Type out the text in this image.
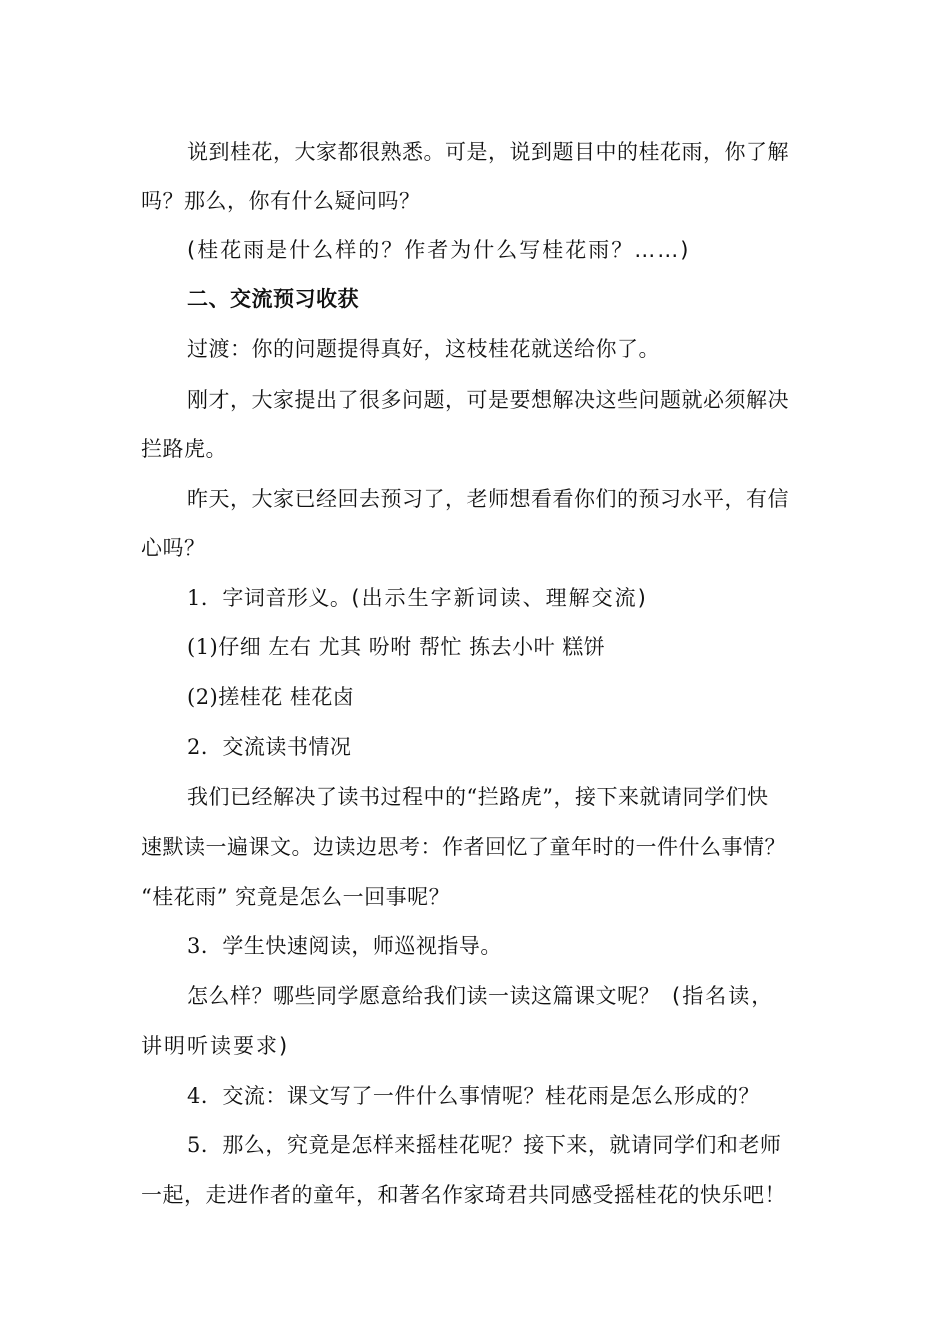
说到桂花，大家都很熟悉。可是，说到题目中的桂花雨，你了解
吗？那么，你有什么疑问吗？
(桂花雨是什么样的？作者为什么写桂花雨？……)
二、交流预习收获
过渡：你的问题提得真好，这枝桂花就送给你了。
刚才，大家提出了很多问题，可是要想解决这些问题就必须解决
拦路虎。
昨天，大家已经回去预习了，老师想看看你们的预习水平，有信
心吗？
1．字词音形义。(出示生字新词读、理解交流)
(1)仔细 左右 尤其 吩咐 帮忙 拣去小叶 糕饼
(2)搓桂花 桂花卤
2．交流读书情况
我们已经解决了读书过程中的“拦路虎”，接下来就请同学们快
速默读一遍课文。边读边思考：作者回忆了童年时的一件什么事情？
“桂花雨” 究竟是怎么一回事呢？
3．学生快速阅读，师巡视指导。
怎么样？哪些同学愿意给我们读一读这篇课文呢？ (指名读，
讲明听读要求)
4．交流：课文写了一件什么事情呢？桂花雨是怎么形成的？
5．那么，究竟是怎样来摇桂花呢？接下来，就请同学们和老师
一起，走进作者的童年，和著名作家琦君共同感受摇桂花的快乐吧！
